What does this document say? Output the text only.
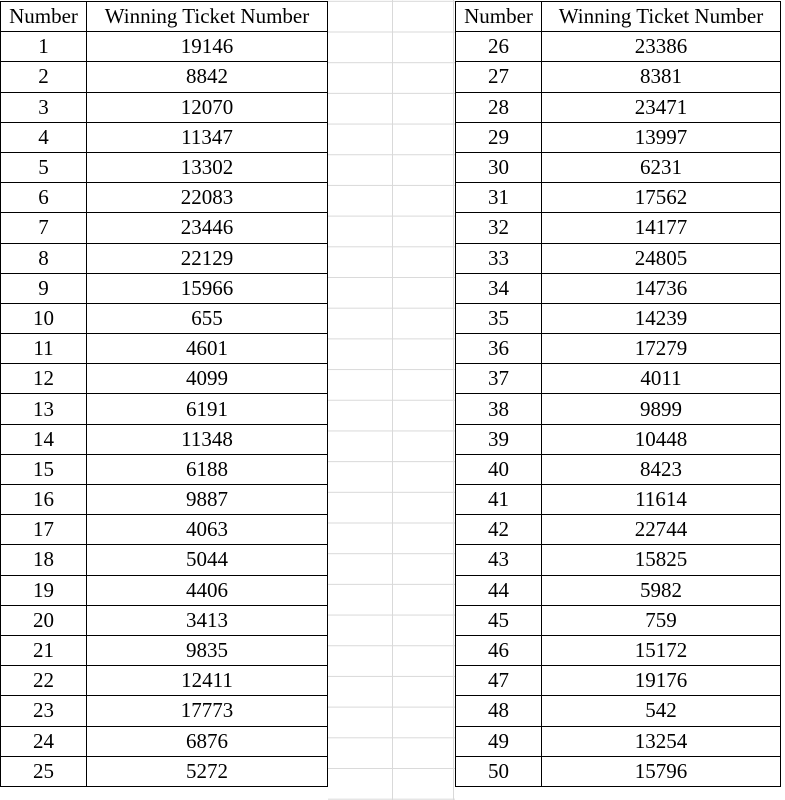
Number	Winning Ticket Number
1	19146
2	8842
3	12070
4	11347
5	13302
6	22083
7	23446
8	22129
9	15966
10	655
11	4601
12	4099
13	6191
14	11348
15	6188
16	9887
17	4063
18	5044
19	4406
20	3413
21	9835
22	12411
23	17773
24	6876
25	5272
Number	Winning Ticket Number
26	23386
27	8381
28	23471
29	13997
30	6231
31	17562
32	14177
33	24805
34	14736
35	14239
36	17279
37	4011
38	9899
39	10448
40	8423
41	11614
42	22744
43	15825
44	5982
45	759
46	15172
47	19176
48	542
49	13254
50	15796
